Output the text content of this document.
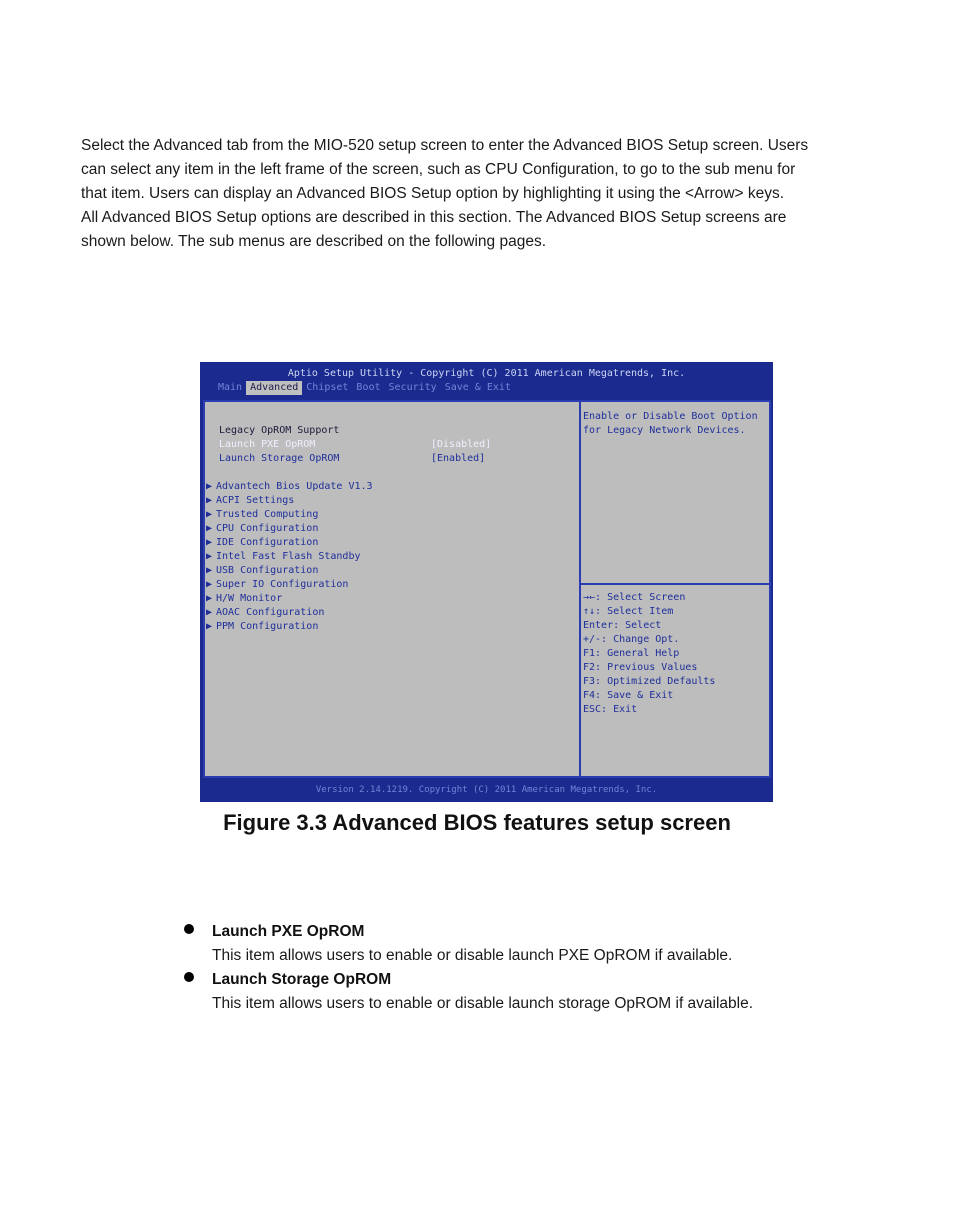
Select the Advanced tab from the MIO-520 setup screen to enter the Advanced BIOS Setup screen. Users

can select any item in the left frame of the screen, such as CPU Configuration, to go to the sub menu for

that item. Users can display an Advanced BIOS Setup option by highlighting it using the <Arrow> keys.

All Advanced BIOS Setup options are described in this section. The Advanced BIOS Setup screens are

shown below. The sub menus are described on the following pages.

Aptio Setup Utility - Copyright (C) 2011 American Megatrends, Inc.
Main Advanced Chipset Boot Security Save & Exit
Legacy OpROM Support
Launch PXE OpROM	[Disabled]
Launch Storage OpROM	[Enabled]
▶ Advantech Bios Update V1.3
▶ ACPI Settings
▶ Trusted Computing
▶ CPU Configuration
▶ IDE Configuration
▶ Intel Fast Flash Standby
▶ USB Configuration
▶ Super IO Configuration
▶ H/W Monitor
▶ AOAC Configuration
▶ PPM Configuration
Enable or Disable Boot Option
for Legacy Network Devices.
→←: Select Screen
↑↓: Select Item
Enter: Select
+/-: Change Opt.
F1: General Help
F2: Previous Values
F3: Optimized Defaults
F4: Save & Exit
ESC: Exit
Version 2.14.1219. Copyright (C) 2011 American Megatrends, Inc.
Figure 3.3 Advanced BIOS features setup screen
Launch PXE OpROM
This item allows users to enable or disable launch PXE OpROM if available.
Launch Storage OpROM
This item allows users to enable or disable launch storage OpROM if available.
